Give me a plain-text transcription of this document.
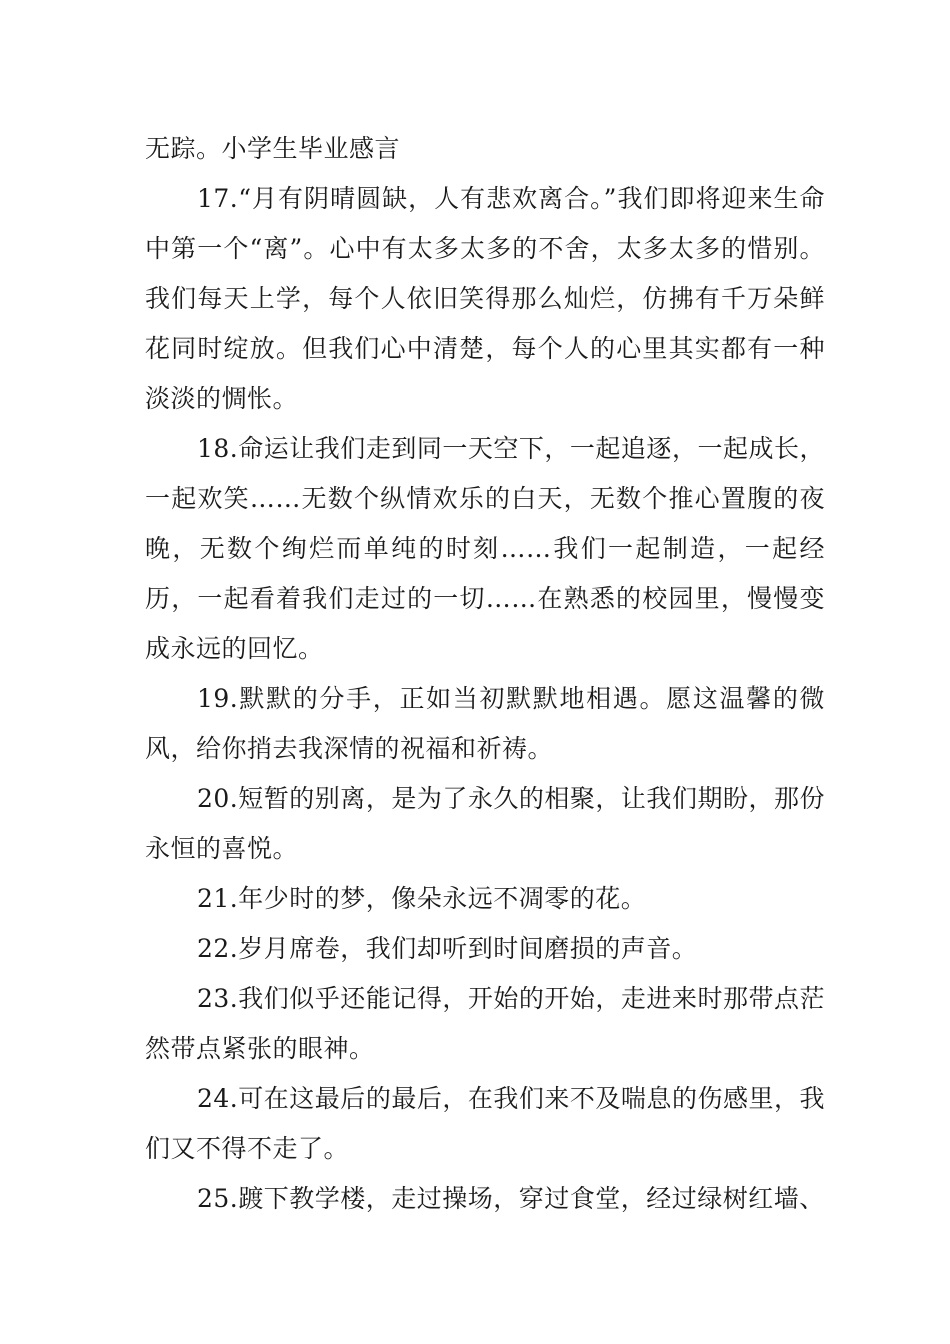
无踪。小学生毕业感言

17.“月有阴晴圆缺，人有悲欢离合。”我们即将迎来生命中第一个“离”。心中有太多太多的不舍，太多太多的惜别。我们每天上学，每个人依旧笑得那么灿烂，仿拂有千万朵鲜花同时绽放。但我们心中清楚，每个人的心里其实都有一种淡淡的惆怅。

18.命运让我们走到同一天空下，一起追逐，一起成长，一起欢笑……无数个纵情欢乐的白天，无数个推心置腹的夜晚，无数个绚烂而单纯的时刻……我们一起制造，一起经历，一起看着我们走过的一切……在熟悉的校园里，慢慢变成永远的回忆。

19.默默的分手，正如当初默默地相遇。愿这温馨的微风，给你捎去我深情的祝福和祈祷。

20.短暂的别离，是为了永久的相聚，让我们期盼，那份永恒的喜悦。

21.年少时的梦，像朵永远不凋零的花。

22.岁月席卷，我们却听到时间磨损的声音。

23.我们似乎还能记得，开始的开始，走进来时那带点茫然带点紧张的眼神。

24.可在这最后的最后，在我们来不及喘息的伤感里，我们又不得不走了。

25.踱下教学楼，走过操场，穿过食堂，经过绿树红墙、
